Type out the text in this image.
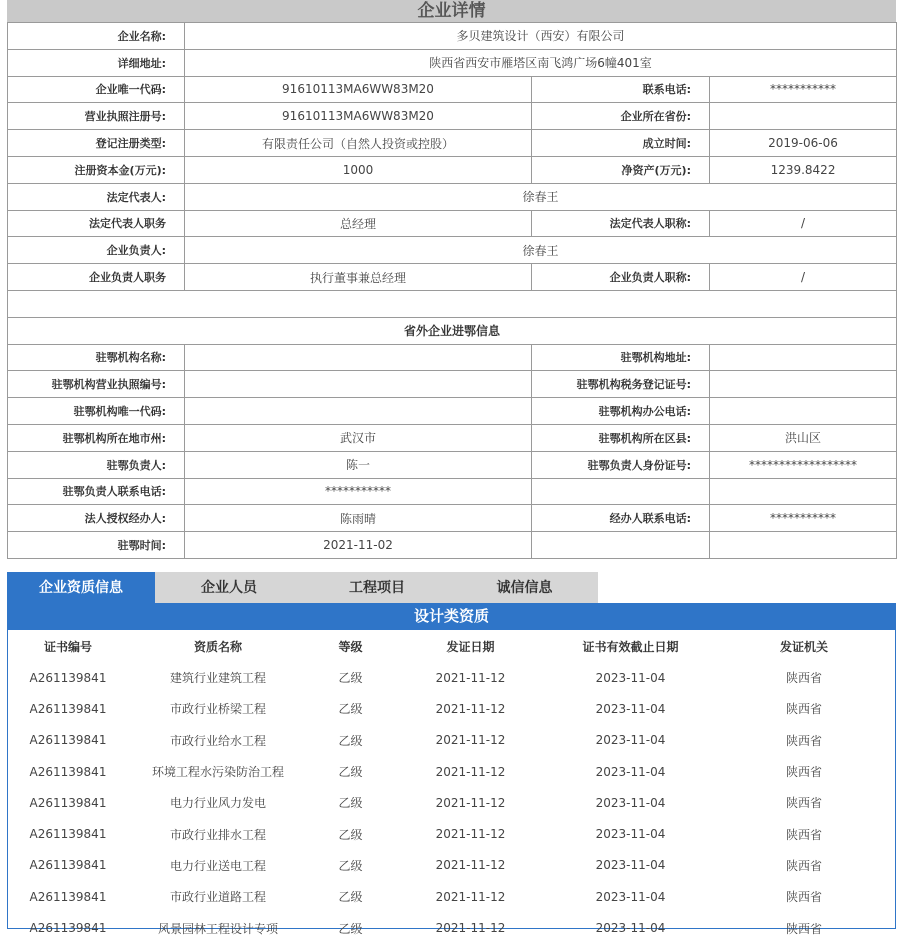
企业详情
企业名称:	多贝建筑设计（西安）有限公司		
详细地址:	陕西省西安市雁塔区南飞鸿广场6幢401室		
企业唯一代码:	91610113MA6WW83M20	联系电话:	***********
营业执照注册号:	91610113MA6WW83M20	企业所在省份:	
登记注册类型:	有限责任公司（自然人投资或控股）	成立时间:	2019-06-06
注册资本金(万元):	1000	净资产(万元):	1239.8422
法定代表人:	徐春王		
法定代表人职务	总经理	法定代表人职称:	/
企业负责人:	徐春王		
企业负责人职务	执行董事兼总经理	企业负责人职称:	/

省外企业进鄂信息			
驻鄂机构名称:		驻鄂机构地址:	
驻鄂机构营业执照编号:		驻鄂机构税务登记证号:	
驻鄂机构唯一代码:		驻鄂机构办公电话:	
驻鄂机构所在地市州:	武汉市	驻鄂机构所在区县:	洪山区
驻鄂负责人:	陈一	驻鄂负责人身份证号:	******************
驻鄂负责人联系电话:	***********		
法人授权经办人:	陈雨晴	经办人联系电话:	***********
驻鄂时间:	2021-11-02		
企业资质信息	企业人员	工程项目	诚信信息
设计类资质
证书编号	资质名称	等级	发证日期	证书有效截止日期	发证机关
A261139841	建筑行业建筑工程	乙级	2021-11-12	2023-11-04	陕西省
A261139841	市政行业桥梁工程	乙级	2021-11-12	2023-11-04	陕西省
A261139841	市政行业给水工程	乙级	2021-11-12	2023-11-04	陕西省
A261139841	环境工程水污染防治工程	乙级	2021-11-12	2023-11-04	陕西省
A261139841	电力行业风力发电	乙级	2021-11-12	2023-11-04	陕西省
A261139841	市政行业排水工程	乙级	2021-11-12	2023-11-04	陕西省
A261139841	电力行业送电工程	乙级	2021-11-12	2023-11-04	陕西省
A261139841	市政行业道路工程	乙级	2021-11-12	2023-11-04	陕西省
A261139841	风景园林工程设计专项	乙级	2021-11-12	2023-11-04	陕西省
